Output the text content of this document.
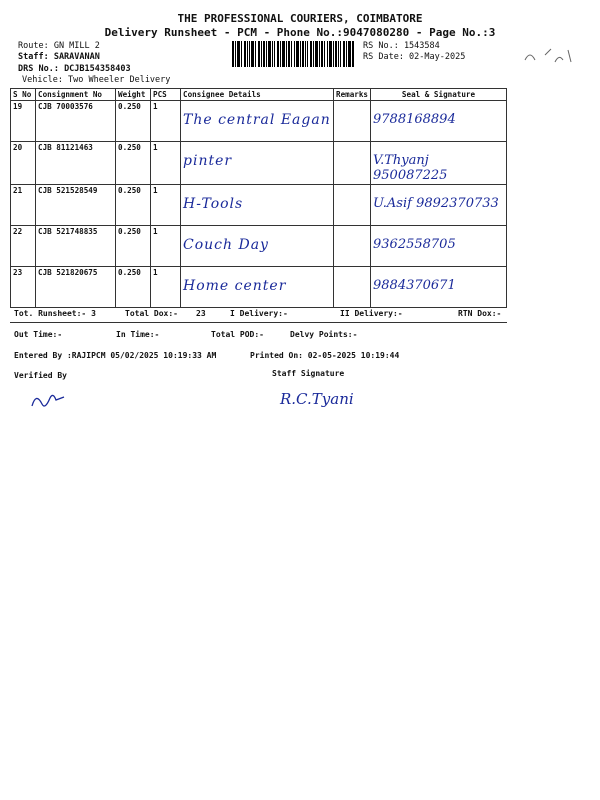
THE PROFESSIONAL COURIERS, COIMBATORE
Delivery Runsheet - PCM - Phone No.:9047080280 - Page No.:3
Route: GN MILL 2
Staff: SARAVANAN
DRS No.: DCJB154358403
Vehicle: Two Wheeler Delivery
RS No.: 1543584
RS Date: 02-May-2025
S No	Consignment No	Weight	PCS	Consignee Details	Remarks	Seal & Signature
19	CJB 70003576	0.250	1	The central Eagan		9788168894

20	CJB 81121463	0.250	1	pinter		V.Thyanj 950087225

21	CJB 521528549	0.250	1	H-Tools		U.Asif 9892370733

22	CJB 521748835	0.250	1	Couch Day		9362558705

23	CJB 521820675	0.250	1	Home center		9884370671
Tot. Runsheet:- 3	Total Dox:- 23	I Delivery:-	II Delivery:-	RTN Dox:-
Out Time:-	In Time:-	Total POD:-	Delvy Points:-
Entered By :RAJIPCM 05/02/2025 10:19:33 AM	Printed On: 02-05-2025 10:19:44
Verified By	Staff Signature
R.C.Tyani
